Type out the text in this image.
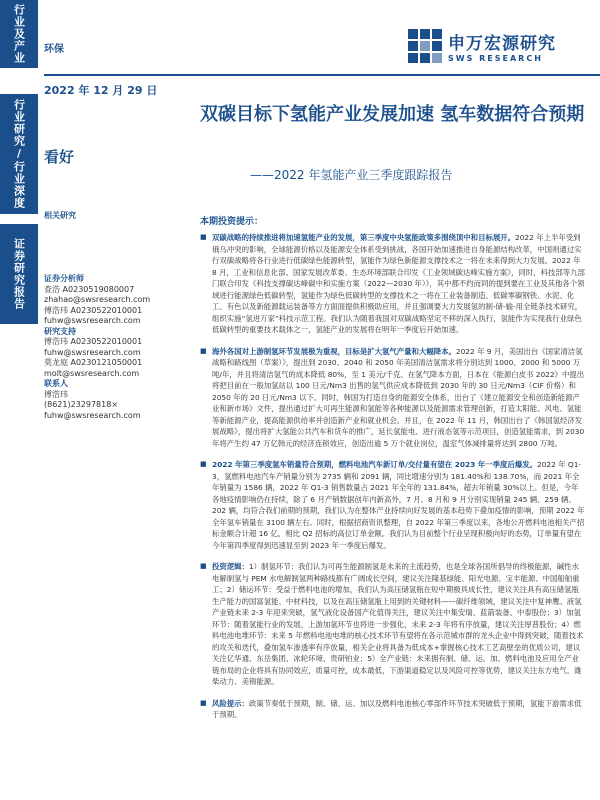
行业及产业
行业研究/行业深度
证券研究报告
环保	申万宏源研究
SWS RESEARCH
2022 年 12 月 29 日
双碳目标下氢能产业发展加速 氢车数据符合预期
——2022 年氢能产业三季度跟踪报告
看好
相关研究
证券分析师
查浩 A0230519080007
zhahao@swsresearch.com
傅浩玮 A0230522010001
fuhw@swsresearch.com
研究支持
傅浩玮 A0230522010001
fuhw@swsresearch.com
莫龙庭 A0230121050001
molt@swsresearch.com
联系人
傅浩玮
(8621)23297818×
fuhw@swsresearch.com
本期投资提示：

■ 双碳战略的持续推进将加速氢能产业的发展，第三季度中央氢能政策多围绕顶中和目标展开。2022 年上半年受到俄乌冲突的影响，全球能源价格以及能源安全体系受到挑战，各国开始加速推进自身能源结构改革，中国则通过实行双碳战略将各行业进行低碳绿色能源转型，氢能作为绿色新能源支撑技术之一将在未来得到大力发展。2022 年 8 月，工业和信息化部、国家发展改革委、生态环境部联合印发《工业领域碳达峰实施方案》，同时，科技部等九部门联合印发《科技支撑碳达峰碳中和实施方案（2022—2030 年）》，其中都不约而同的提到要在工业及其他各个领域进行能源绿色低碳转型，氢能作为绿色低碳转型的支撑技术之一将在工业装备制造、低碳零碳钢铁、水泥、化工、有色以及新能源载运装备等方方面面提供积极助应用，并且强调要大力发展氢的制-储-输-用全链条技术研究，组织实施“氢进万家”科技示范工程。我们认为随着我国对双碳战略坚定不移的深入执行，氢能作为实现我行业绿色低碳转型的重要技术载体之一，氢能产业的发展将在明年一季度后开始加速。

■ 海外各国对上游制氢环节发展极为重视，目标是扩大氢气产量和大幅降本。2022 年 9 月，美国出台《国家清洁氢战略和路线图（草案）》，提出到 2030、2040 和 2050 年美国清洁氢需求将分别达到 1000、2000 和 5000 万吨/年，并且将清洁氢气的成本降低 80%，至 1 美元/千克。在氢气降本方面，日本在《能源白皮书 2022》中提出将把目前在一般加氢站以 100 日元/Nm3 出售的氢气供应成本降低到 2030 年的 30 日元/Nm3（CIF 价格）和 2050 年的 20 日元/Nm3 以下。同时，韩国为打造自身的能源安全体系，出台了《建立能源安全和创造新能源产业和新市场》文件，提出通过扩大可再生能源和氢能等各种能源以及能源需求管理创新，打造太阳能、风电、氢能等新能源产业，提高能源供给率并创造新产业和就业机会。并且，在 2022 年 11 月，韩国出台了《韩国氢经济发展战略》，提出将扩大氢能公共汽车和货车的推广，延长氢能电、进行液态氢等示范项目，创造氢能需求，到 2030 年将产生约 47 万亿韩元的经济连锁效应，创造出逾 5 万个就业岗位，温室气体减排量将达到 2800 万吨。

■ 2022 年第三季度氢车销量符合预期，燃料电池汽车新订单/交付量有望在 2023 年一季度后爆发。2022 年 Q1-3，氢燃料电池汽车产销量分别为 2735 辆和 2091 辆，同比增速分别为 181.40%和 138.70%，而 2021 年全年销量为 1586 辆，2022 年 Q1-3 销售数量占 2021 年全年的 131.84%，超去年销量 30%以上。但是，今年各地疫情影响仍在持续，除了 6 月产销数据创年内新高外，7 月、8 月和 9 月分别实现销量 245 辆、259 辆、202 辆，均符合我们前期的预期，我们认为在整体产业持续向好发展的基本趋势下叠加疫情的影响，预期 2022 年全年氢车销量在 3100 辆左右。同时，根据招商资讯整理，自 2022 年第三季度以来，各地公开燃料电池相关产招标金额合计超 16 亿，相比 Q2 招标的高位订单金额。我们认为目前整个行业呈现积极向好的态势，订单量有望在今年第四季度得到迅速显至到 2023 年一季度后爆发。

■ 投资逻辑：1）制氢环节：我们认为可再生能源制氢是未来的主流趋势，也是全球各国所倡导的终极能源，碱性水电解制氢与 PEM 水电解制氢两种路线都有广阔成长空间，建议关注隆基绿能、阳光电源、宝丰能源、中国船舶重工；2）储运环节：受益于燃料电池的增加，我们认为高压储氢瓶在短中期极具成长性，建议关注具有高压储氢瓶生产能力的国富氢能、中材科技，以及在高压储氢瓶上用到的关键材料——碳纤维领域，建议关注中复神鹰。液氢产业链未来 2-3 年迎来突破，氢气液化设备国产化值得关注，建议关注中集安瑞、蓝箭装备、中泰股份；3）加氢环节：随着氢能行业的发展，上游加氢环节也将进一步强化，未来 2-3 年将有序放量，建议关注厚普股份；4）燃料电池电堆环节：未来 5 年燃料电池电堆的核心技术环节有望将在各示范城市群的龙头企业中得到突破，随着技术的攻关和迭代，叠加氢车渗透率有序放量，相关企业将具备为低成本+掌握核心技术工艺高壁垒的优质公司，建议关注亿华通、东岳集团、冰轮环境、贵研铂业；5）全产业链：未来拥有制、储、运、加、燃料电池及应用全产业链布局的企业将具有协同效应，质量可控，成本最低，下游渠道稳定以及风险可控等优势，建议关注东方电气、潍柴动力、美锦能源。

■ 风险提示：政策节奏低于预期，制、储、运、加以及燃料电池核心零部件环节技术突破低于预期，氢能下游需求低于预期。
